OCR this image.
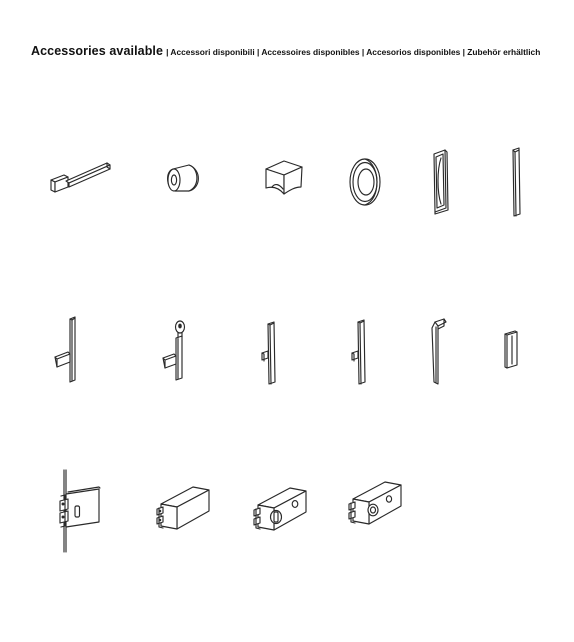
Accessories available | Accessori disponibili | Accessoires disponibles | Accesorios disponibles | Zubehör erhältlich
